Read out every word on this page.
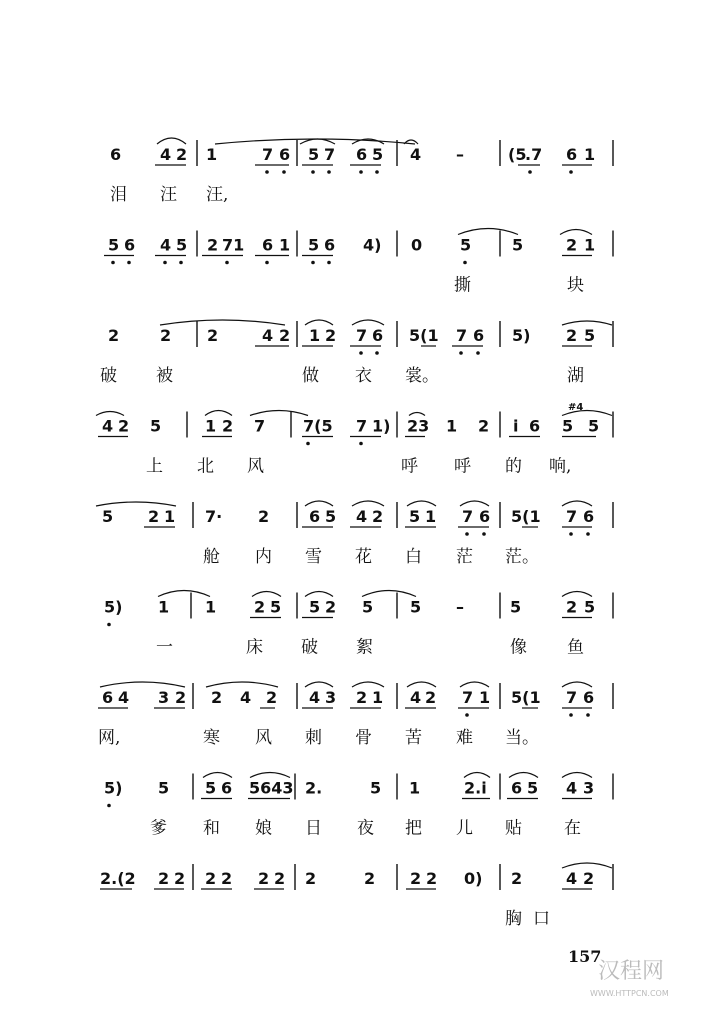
6 4 2 1	7 6 5 7 6 5 4 –	(5
.7 6 1
泪 汪 汪,
5 6 4 5 2 71 6 1 5 6 4) 0 5	5	2 1
撕	块
2	2 2	4 2 1 2 7 6 5(1 7 6 5) 2 5
破 被	做 衣 裳。	湖
4 2 5	1 2 7 7(5 7 1) 23 1 2 i 6 5 5
#4
上 北 风	呼 呼 的 响,
5 2 1 7· 2 6 5 4 2 5 1 7 6 5(1 7 6
舱 内 雪 花 白 茫 茫。
5) 1 1 2 5 5 2 5 5 –	5	2 5
一	床 破 絮	像 鱼
6 4 3 2 2 4 2 4 3 2 1 4 2 7 1 5(1 7 6
网,	寒 风 刺 骨 苦 难 当。
5) 5 5 6 5643 2.	5 1	2.i 6 5 4 3
爹 和 娘 日 夜 把 儿 贴 在
2.(2 2 2 2 2 2 2 2	2 2 2 0) 2	4 2
胸 口
157
汉程网
WWW.HTTPCN.COM
